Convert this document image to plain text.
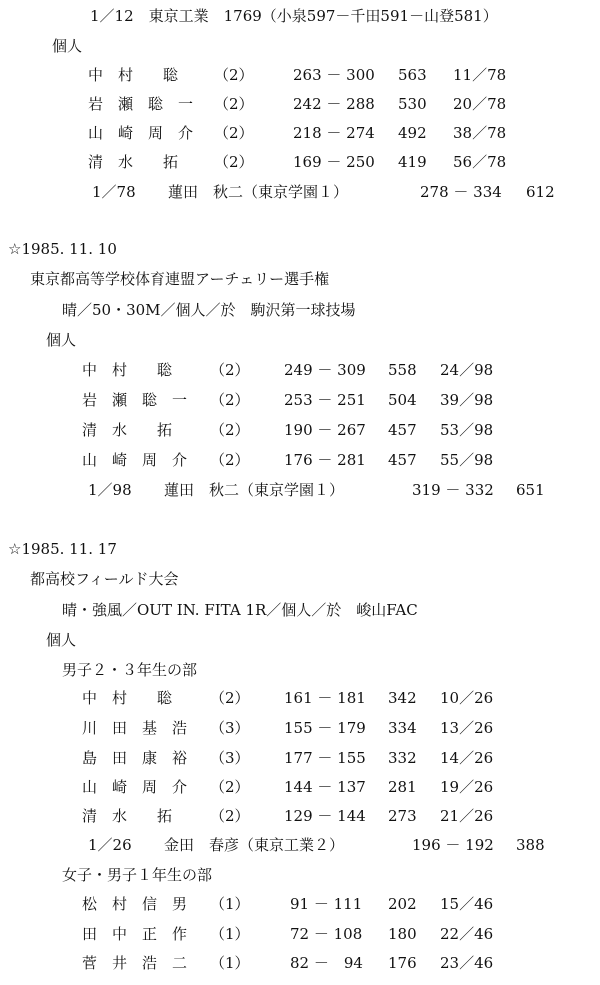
1／12　東京工業　1769（小泉597－千田591－山登581）
個人
中　村　　聡 （2）	263 － 300 563 11／78
岩　瀬　聡　一 （2）	242 － 288 530 20／78
山　崎　周　介 （2）	218 － 274 492 38／78
清　水　　拓 （2）	169 － 250 419 56／78
1／78 蓮田　秋二（東京学園１）	278 － 334 612
☆1985. 11. 10
東京都高等学校体育連盟アーチェリー選手権
晴／50・30M／個人／於　駒沢第一球技場
個人
中　村　　聡	（2） 249 － 309 558 24／98
岩　瀬　聡　一 （2） 253 － 251 504 39／98
清　水　　拓	（2） 190 － 267 457 53／98
山　崎　周　介 （2） 176 － 281 457 55／98
1／98 蓮田　秋二（東京学園１）	319 － 332 651
☆1985. 11. 17
都高校フィールド大会
晴・強風／OUT IN. FITA 1R／個人／於　峻山FAC
個人
男子２・３年生の部
中　村　　聡	（2） 161 － 181 342 10／26
川　田　基　浩 （3） 155 － 179 334 13／26
島　田　康　裕 （3） 177 － 155 332 14／26
山　崎　周　介 （2） 144 － 137 281 19／26
清　水　　拓	（2） 129 － 144 273 21／26
1／26 金田　春彦（東京工業２）	196 － 192 388
女子・男子１年生の部
松　村　信　男 （1）	91 － 111 202 15／46
田　中　正　作 （1）	72 － 108 180 22／46
菅　井　浩　二 （1）	82 －　94 176 23／46
